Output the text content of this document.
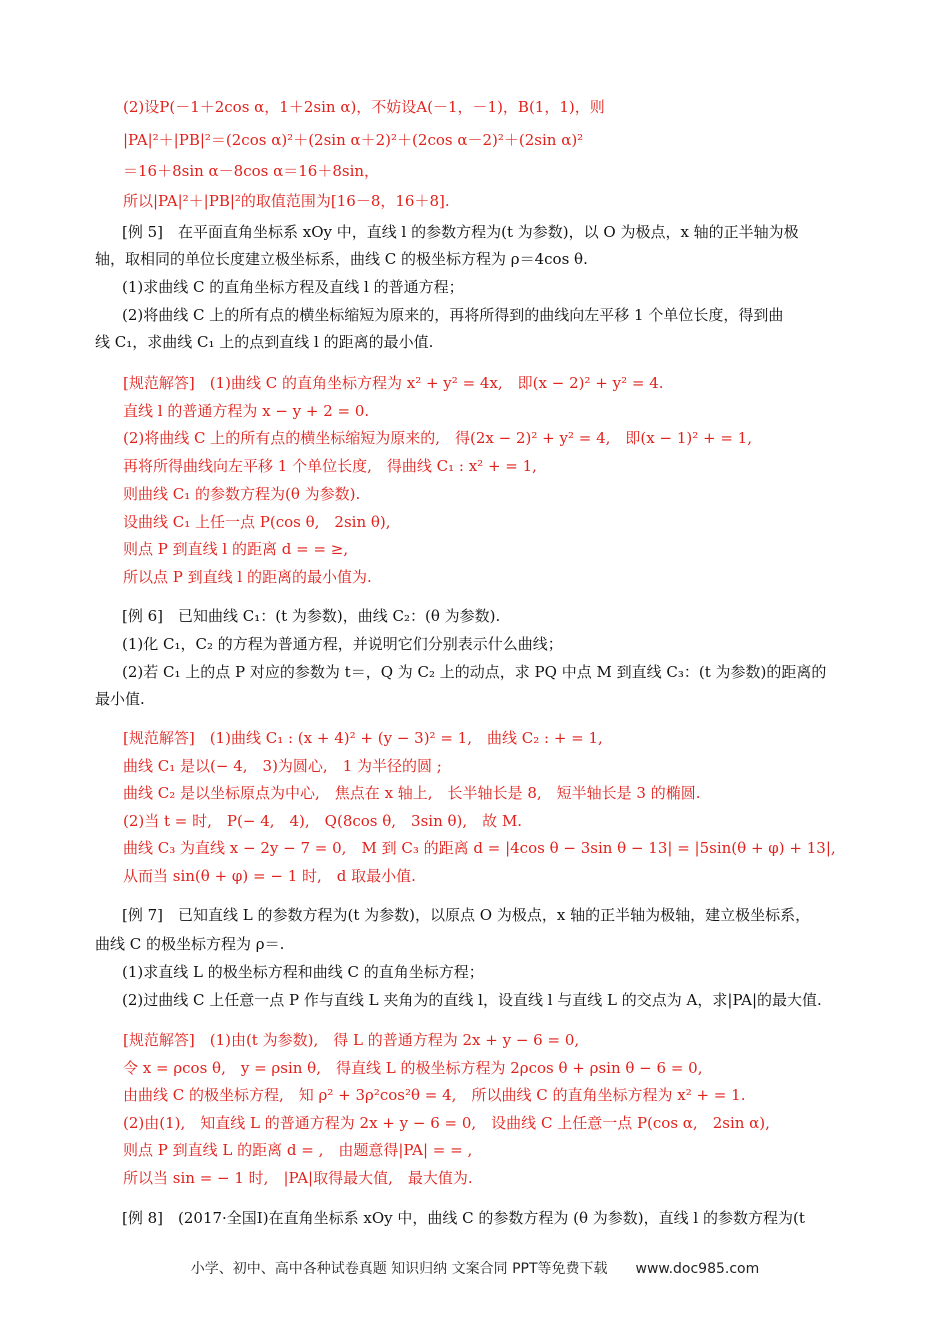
(2)设P(－1＋2cos α，1＋2sin α)，不妨设A(－1，－1)，B(1，1)，则
|PA|²＋|PB|²＝(2cos α)²＋(2sin α＋2)²＋(2cos α－2)²＋(2sin α)²
＝16＋8sin α－8cos α＝16＋8sin，
所以|PA|²＋|PB|²的取值范围为[16－8，16＋8].
[例 5]　在平面直角坐标系 xOy 中，直线 l 的参数方程为(t 为参数)，以 O 为极点，x 轴的正半轴为极
轴，取相同的单位长度建立极坐标系，曲线 C 的极坐标方程为 ρ＝4cos θ.
(1)求曲线 C 的直角坐标方程及直线 l 的普通方程；
(2)将曲线 C 上的所有点的横坐标缩短为原来的，再将所得到的曲线向左平移 1 个单位长度，得到曲
线 C₁，求曲线 C₁ 上的点到直线 l 的距离的最小值.
[规范解答]　(1)曲线 C 的直角坐标方程为 x² + y² = 4x,　即(x − 2)² + y² = 4.
直线 l 的普通方程为 x − y + 2 = 0.
(2)将曲线 C 上的所有点的横坐标缩短为原来的,　得(2x − 2)² + y² = 4,　即(x − 1)² + = 1,
再将所得曲线向左平移 1 个单位长度,　得曲线 C₁ : x² + = 1,
则曲线 C₁ 的参数方程为(θ 为参数).
设曲线 C₁ 上任一点 P(cos θ,　2sin θ),
则点 P 到直线 l 的距离 d = = ≥,
所以点 P 到直线 l 的距离的最小值为.
[例 6]　已知曲线 C₁：(t 为参数)，曲线 C₂：(θ 为参数).
(1)化 C₁，C₂ 的方程为普通方程，并说明它们分别表示什么曲线；
(2)若 C₁ 上的点 P 对应的参数为 t＝，Q 为 C₂ 上的动点，求 PQ 中点 M 到直线 C₃：(t 为参数)的距离的
最小值.
[规范解答]　(1)曲线 C₁ : (x + 4)² + (y − 3)² = 1,　曲线 C₂ : + = 1,
曲线 C₁ 是以(− 4,　3)为圆心,　1 为半径的圆 ;
曲线 C₂ 是以坐标原点为中心,　焦点在 x 轴上,　长半轴长是 8,　短半轴长是 3 的椭圆.
(2)当 t = 时,　P(− 4,　4),　Q(8cos θ,　3sin θ),　故 M.
曲线 C₃ 为直线 x − 2y − 7 = 0,　M 到 C₃ 的距离 d = |4cos θ − 3sin θ − 13| = |5sin(θ + φ) + 13|,
从而当 sin(θ + φ) = − 1 时,　d 取最小值.
[例 7]　已知直线 L 的参数方程为(t 为参数)，以原点 O 为极点，x 轴的正半轴为极轴，建立极坐标系，
曲线 C 的极坐标方程为 ρ＝.
(1)求直线 L 的极坐标方程和曲线 C 的直角坐标方程；
(2)过曲线 C 上任意一点 P 作与直线 L 夹角为的直线 l，设直线 l 与直线 L 的交点为 A，求|PA|的最大值.
[规范解答]　(1)由(t 为参数),　得 L 的普通方程为 2x + y − 6 = 0,
令 x = ρcos θ,　y = ρsin θ,　得直线 L 的极坐标方程为 2ρcos θ + ρsin θ − 6 = 0,
由曲线 C 的极坐标方程,　知 ρ² + 3ρ²cos²θ = 4,　所以曲线 C 的直角坐标方程为 x² + = 1.
(2)由(1),　知直线 L 的普通方程为 2x + y − 6 = 0,　设曲线 C 上任意一点 P(cos α,　2sin α),
则点 P 到直线 L 的距离 d = ,　由题意得|PA| = = ,
所以当 sin = − 1 时,　|PA|取得最大值,　最大值为.
[例 8]　(2017·全国Ⅰ)在直角坐标系 xOy 中，曲线 C 的参数方程为 (θ 为参数)，直线 l 的参数方程为(t
小学、初中、高中各种试卷真题 知识归纳 文案合同 PPT等免费下载 www.doc985.com
